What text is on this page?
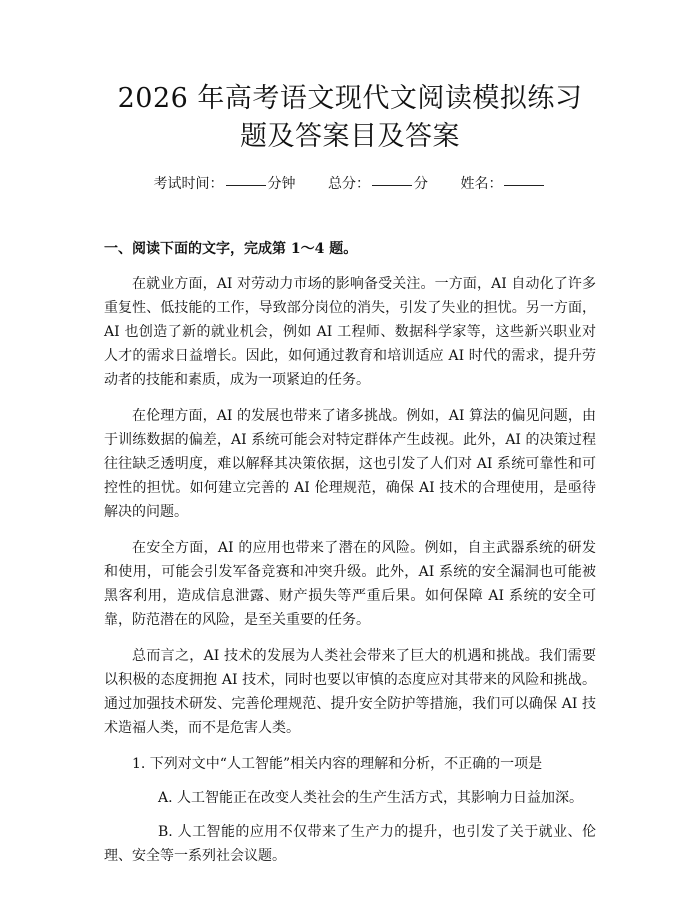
2026 年高考语文现代文阅读模拟练习题及答案目及答案
考试时间：	分钟 总分：	分 姓名：
一、阅读下面的文字，完成第 1～4 题。

在就业方面，AI 对劳动力市场的影响备受关注。一方面，AI 自动化了许多重复性、低技能的工作，导致部分岗位的消失，引发了失业的担忧。另一方面，AI 也创造了新的就业机会，例如 AI 工程师、数据科学家等，这些新兴职业对人才的需求日益增长。因此，如何通过教育和培训适应 AI 时代的需求，提升劳动者的技能和素质，成为一项紧迫的任务。

在伦理方面，AI 的发展也带来了诸多挑战。例如，AI 算法的偏见问题，由于训练数据的偏差，AI 系统可能会对特定群体产生歧视。此外，AI 的决策过程往往缺乏透明度，难以解释其决策依据，这也引发了人们对 AI 系统可靠性和可控性的担忧。如何建立完善的 AI 伦理规范，确保 AI 技术的合理使用，是亟待解决的问题。

在安全方面，AI 的应用也带来了潜在的风险。例如，自主武器系统的研发和使用，可能会引发军备竞赛和冲突升级。此外，AI 系统的安全漏洞也可能被黑客利用，造成信息泄露、财产损失等严重后果。如何保障 AI 系统的安全可靠，防范潜在的风险，是至关重要的任务。

总而言之，AI 技术的发展为人类社会带来了巨大的机遇和挑战。我们需要以积极的态度拥抱 AI 技术，同时也要以审慎的态度应对其带来的风险和挑战。通过加强技术研发、完善伦理规范、提升安全防护等措施，我们可以确保 AI 技术造福人类，而不是危害人类。

1. 下列对文中“人工智能”相关内容的理解和分析，不正确的一项是
A. 人工智能正在改变人类社会的生产生活方式，其影响力日益加深。
B. 人工智能的应用不仅带来了生产力的提升，也引发了关于就业、伦理、安全等一系列社会议题。
